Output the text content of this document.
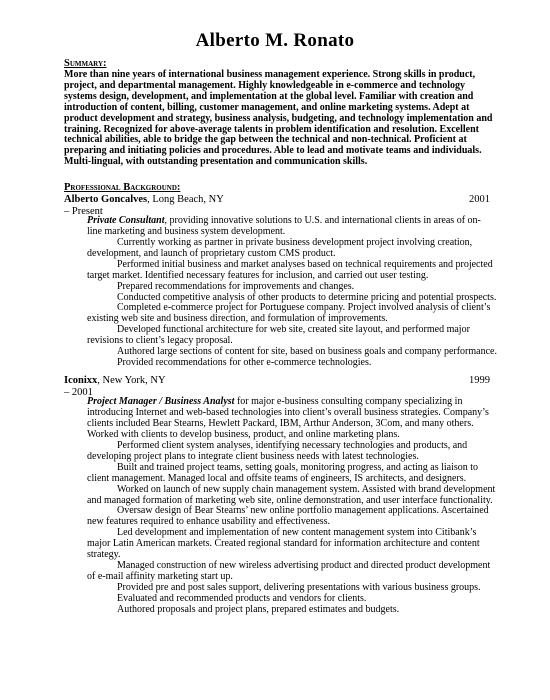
Alberto M. Ronato
Summary:
More than nine years of international business management experience. Strong skills in product, project, and departmental management. Highly knowledgeable in e-commerce and technology systems design, development, and implementation at the global level. Familiar with creation and introduction of content, billing, customer management, and online marketing systems. Adept at product development and strategy, business analysis, budgeting, and technology implementation and training. Recognized for above-average talents in problem identification and resolution. Excellent technical abilities, able to bridge the gap between the technical and non-technical. Proficient at preparing and initiating policies and procedures. Able to lead and motivate teams and individuals. Multi-lingual, with outstanding presentation and communication skills.
Professional Background:
Alberto Goncalves, Long Beach, NY	2001
– Present
Private Consultant, providing innovative solutions to U.S. and international clients in areas of on-line marketing and business system development.
Currently working as partner in private business development project involving creation, development, and launch of proprietary custom CMS product.
Performed initial business and market analyses based on technical requirements and projected target market. Identified necessary features for inclusion, and carried out user testing.
Prepared recommendations for improvements and changes.
Conducted competitive analysis of other products to determine pricing and potential prospects.
Completed e-commerce project for Portuguese company. Project involved analysis of client’s existing web site and business direction, and formulation of improvements.
Developed functional architecture for web site, created site layout, and performed major revisions to client’s legacy proposal.
Authored large sections of content for site, based on business goals and company performance.
Provided recommendations for other e-commerce technologies.
Iconixx, New York, NY	1999
– 2001
Project Manager / Business Analyst for major e-business consulting company specializing in introducing Internet and web-based technologies into client’s overall business strategies. Company’s clients included Bear Stearns, Hewlett Packard, IBM, Arthur Anderson, 3Com, and many others. Worked with clients to develop business, product, and online marketing plans.
Performed client system analyses, identifying necessary technologies and products, and developing project plans to integrate client business needs with latest technologies.
Built and trained project teams, setting goals, monitoring progress, and acting as liaison to client management. Managed local and offsite teams of engineers, IS architects, and designers.
Worked on launch of new supply chain management system. Assisted with brand development and managed formation of marketing web site, online demonstration, and user interface functionality.
Oversaw design of Bear Stearns’ new online portfolio management applications. Ascertained new features required to enhance usability and effectiveness.
Led development and implementation of new content management system into Citibank’s major Latin American markets. Created regional standard for information architecture and content strategy.
Managed construction of new wireless advertising product and directed product development of e-mail affinity marketing start up.
Provided pre and post sales support, delivering presentations with various business groups.
Evaluated and recommended products and vendors for clients.
Authored proposals and project plans, prepared estimates and budgets.
